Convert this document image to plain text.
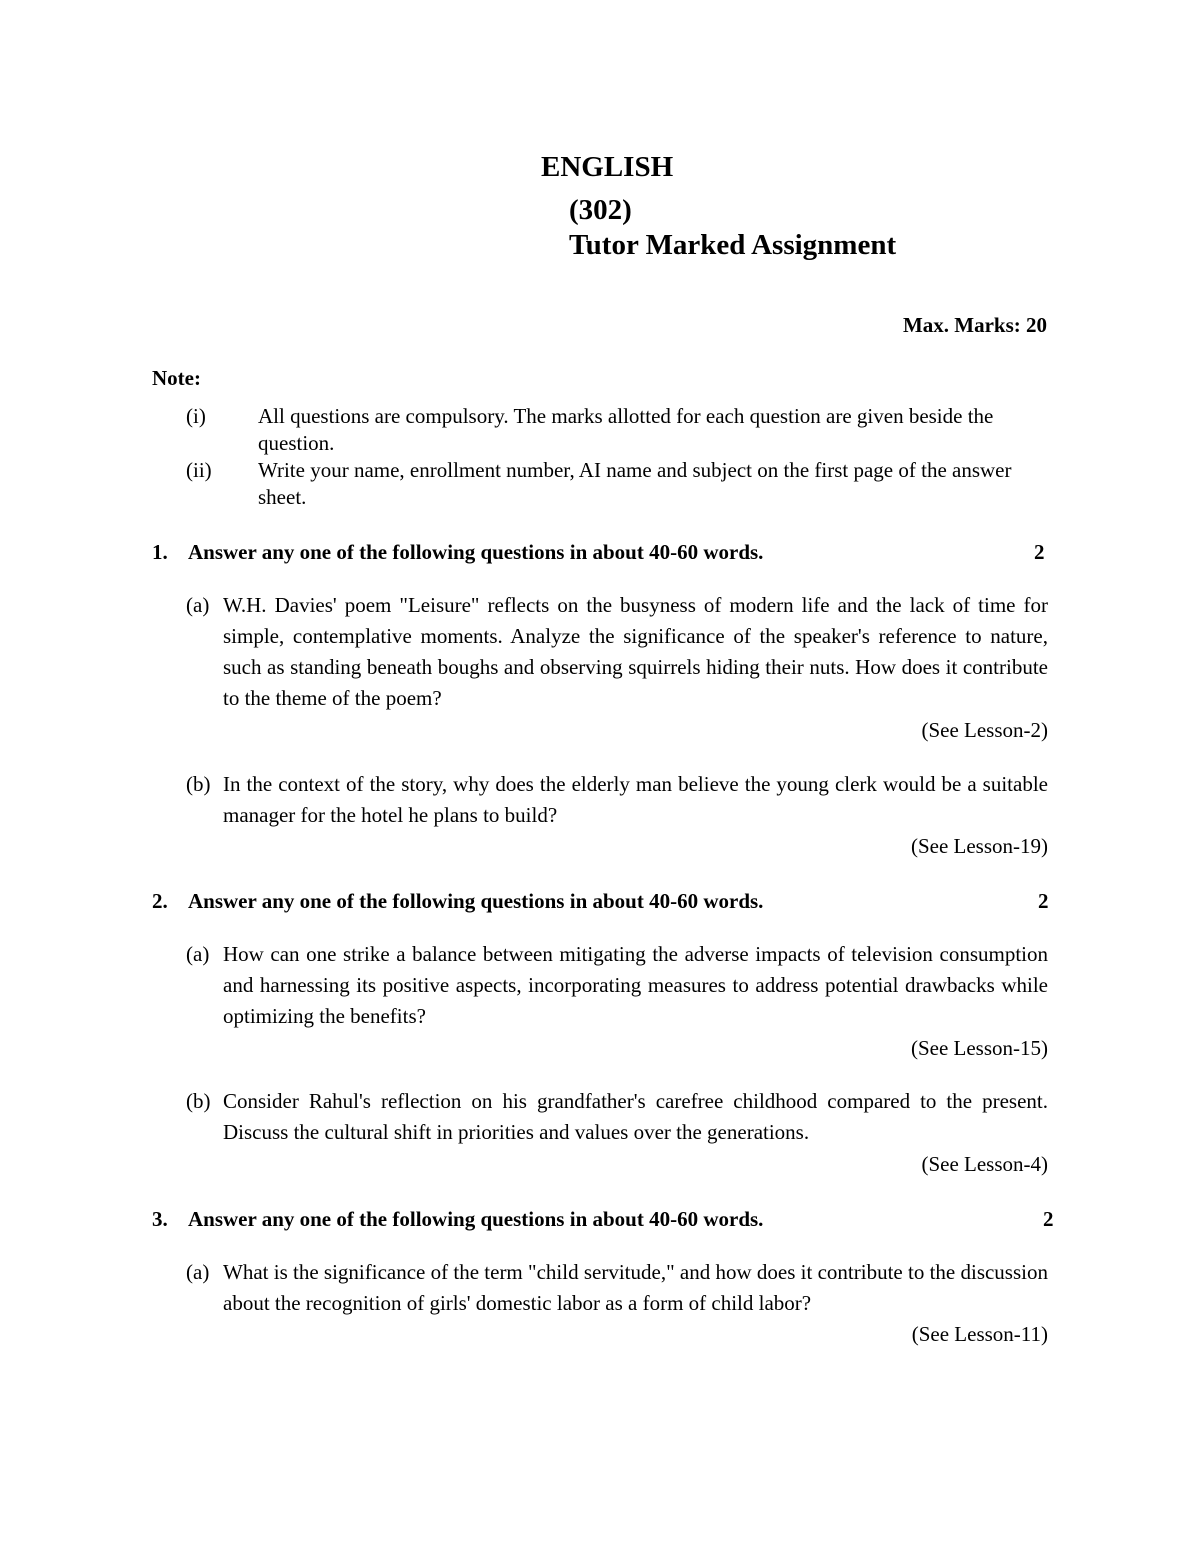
ENGLISH
(302)
Tutor Marked Assignment
Max. Marks: 20
Note:
(i) All questions are compulsory. The marks allotted for each question are given beside the question.
(ii) Write your name, enrollment number, AI name and subject on the first page of the answer sheet.
1. Answer any one of the following questions in about 40-60 words.	2
(a) W.H. Davies' poem "Leisure" reflects on the busyness of modern life and the lack of time for simple, contemplative moments. Analyze the significance of the speaker's reference to nature, such as standing beneath boughs and observing squirrels hiding their nuts. How does it contribute to the theme of the poem?
(See Lesson-2)
(b) In the context of the story, why does the elderly man believe the young clerk would be a suitable manager for the hotel he plans to build?
(See Lesson-19)
2. Answer any one of the following questions in about 40-60 words.	2
(a) How can one strike a balance between mitigating the adverse impacts of television consumption and harnessing its positive aspects, incorporating measures to address potential drawbacks while optimizing the benefits?
(See Lesson-15)
(b) Consider Rahul's reflection on his grandfather's carefree childhood compared to the present. Discuss the cultural shift in priorities and values over the generations.
(See Lesson-4)
3. Answer any one of the following questions in about 40-60 words.	2
(a) What is the significance of the term "child servitude," and how does it contribute to the discussion about the recognition of girls' domestic labor as a form of child labor?
(See Lesson-11)
